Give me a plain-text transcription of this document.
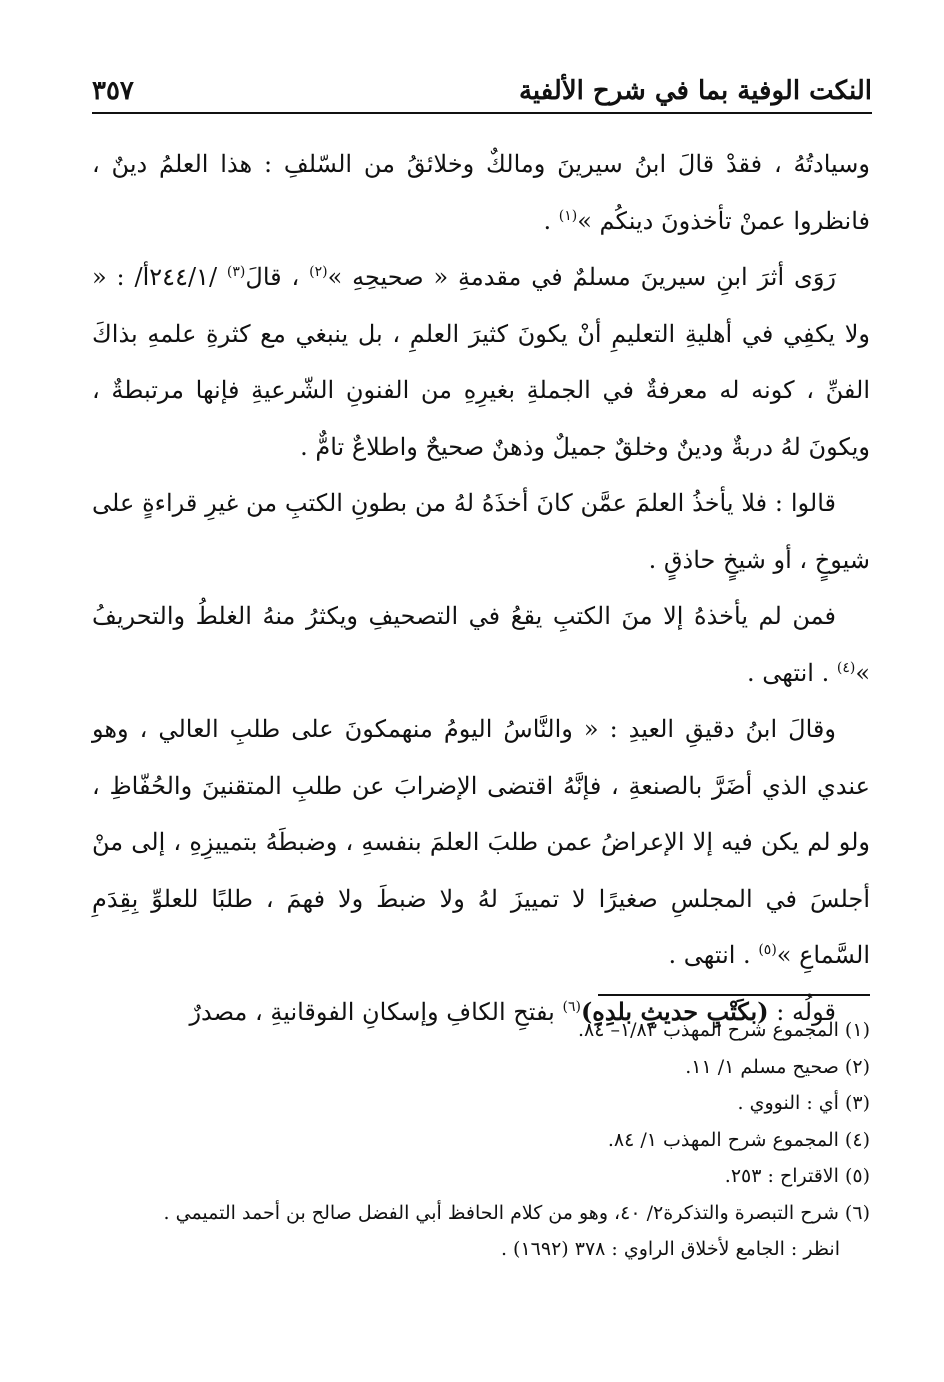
النكت الوفية بما في شرح الألفية
٣٥٧

وسيادتُهُ ، فقدْ قالَ ابنُ سيرينَ ومالكٌ وخلائقُ من السّلفِ : هذا العلمُ دينٌ ، فانظروا عمنْ تأخذونَ دينكُم »$^{(١)}$ .

رَوَى أثرَ ابنِ سيرينَ مسلمٌ في مقدمةِ « صحيحِهِ »$^{(٢)}$ ، قالَ$^{(٣)}$ /٢٤٤/١أ/ : « ولا يكفِي في أهليةِ التعليمِ أنْ يكونَ كثيرَ العلمِ ، بل ينبغي مع كثرةِ علمهِ بذاكَ الفنِّ ، كونه له معرفةٌ في الجملةِ بغيرِهِ من الفنونِ الشّرعيةِ فإنها مرتبطةٌ ، ويكونَ لهُ دربةٌ ودينٌ وخلقٌ جميلٌ وذهنٌ صحيحٌ واطلاعٌ تامٌّ .

قالوا : فلا يأخذُ العلمَ عمَّن كانَ أخذَهُ لهُ من بطونِ الكتبِ من غيرِ قراءةٍ على شيوخٍ ، أو شيخٍ حاذقٍ .

فمن لم يأخذهُ إلا منَ الكتبِ يقعُ في التصحيفِ ويكثرُ منهُ الغلطُ والتحريفُ »$^{(٤)}$ . انتهى .

وقالَ ابنُ دقيقِ العيدِ : « والنَّاسُ اليومُ منهمكونَ على طلبِ العالي ، وهو عندي الذي أضَرَّ بالصنعةِ ، فإنَّهُ اقتضى الإضرابَ عن طلبِ المتقنينَ والحُفّاظِ ، ولو لم يكن فيه إلا الإعراضُ عمن طلبَ العلمَ بنفسهِ ، وضبطَهُ بتمييزِهِ ، إلى منْ أجلسَ في المجلسِ صغيرًا لا تمييزَ لهُ ولا ضبطَ ولا فهمَ ، طلبًا للعلوِّ بِقِدَمِ السَّماعِ »$^{(٥)}$ . انتهى .

قولُه : (بكَتْبِ حديثِ بلدِهِ)$^{(٦)}$ بفتحِ الكافِ وإسكانِ الفوقانيةِ ، مصدرٌ

(١) المجموع شرح المهذب ١/٨٣– ٨٤.

(٢) صحيح مسلم ١/ ١١.

(٣) أي : النووي .

(٤) المجموع شرح المهذب ١/ ٨٤.

(٥) الاقتراح : ٢٥٣.

(٦) شرح التبصرة والتذكرة٢/ ٤٠، وهو من كلام الحافظ أبي الفضل صالح بن أحمد التميمي .

انظر : الجامع لأخلاق الراوي : ٣٧٨ (١٦٩٢) .
